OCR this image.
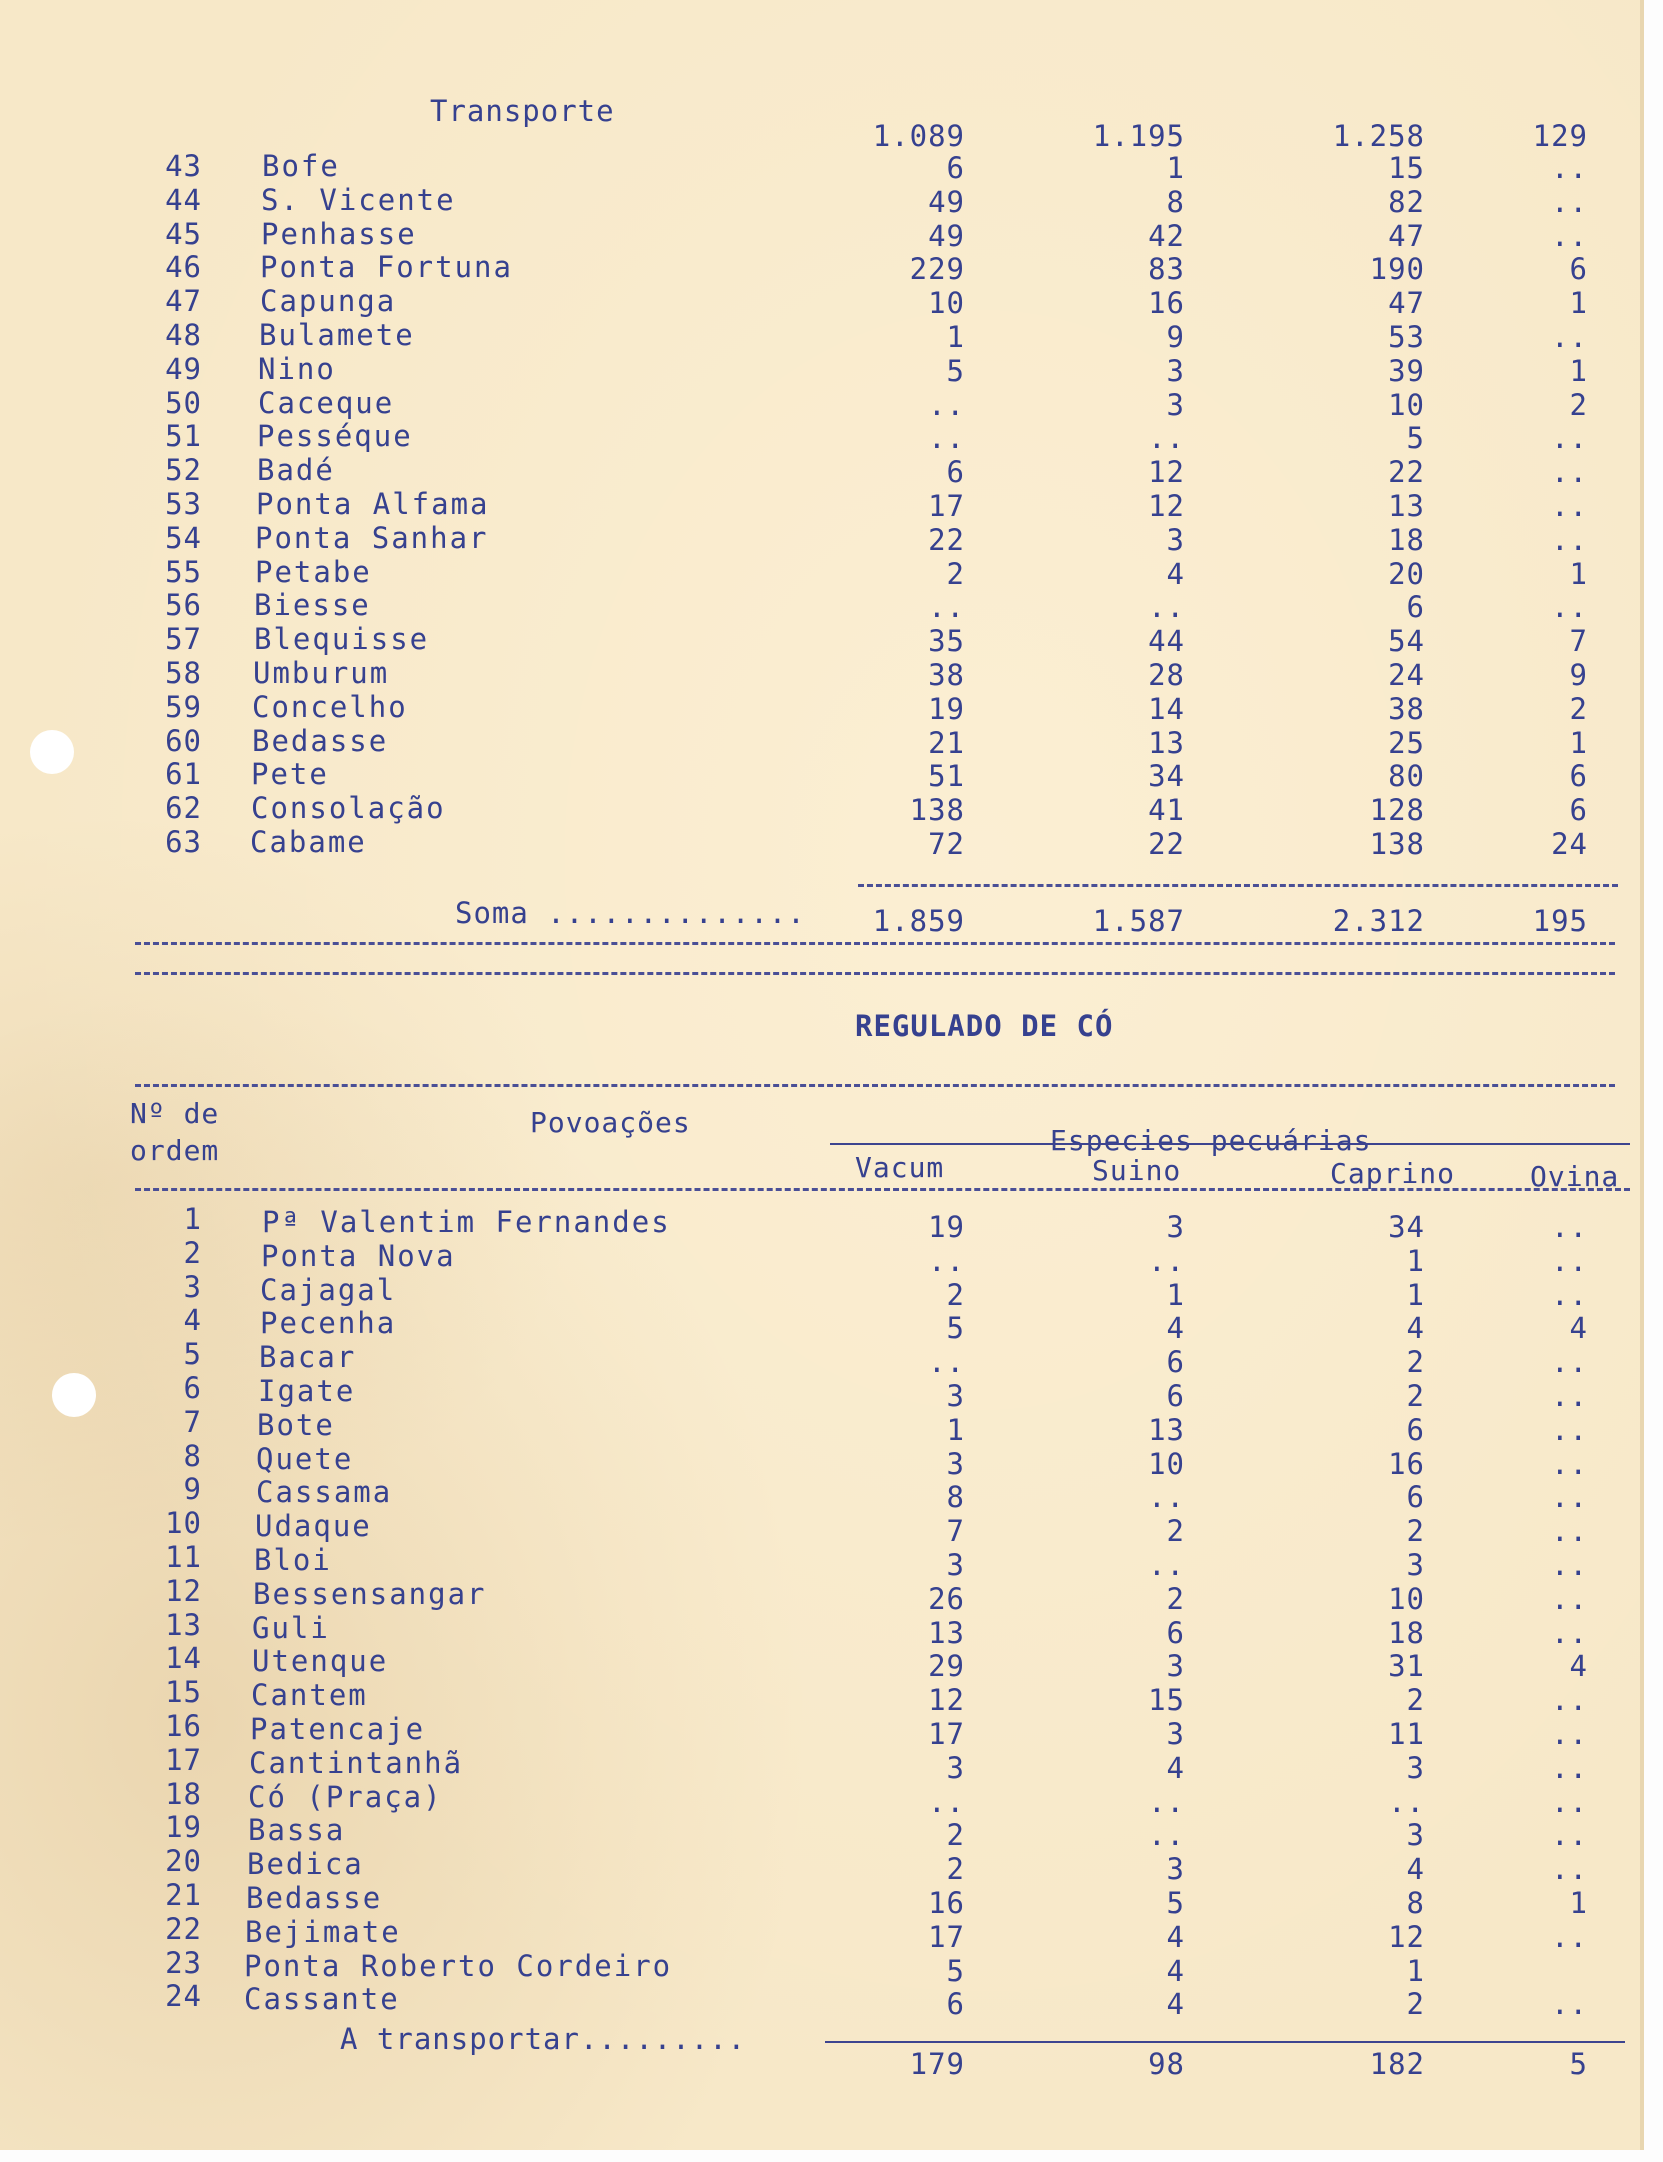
Transporte
1.089	1.195	1.258	129
43 Bofe	6	1	15	..
44 S. Vicente	49	8	82	..
45 Penhasse	49	42	47	..
46 Ponta Fortuna	229	83	190	6
47 Capunga	10	16	47	1
48 Bulamete	1	9	53	..
49 Nino	5	3	39	1
50 Caceque	..	3	10	2
51 Pesséque	..	..	5	..
52 Badé	6	12	22	..
53 Ponta Alfama	17	12	13	..
54 Ponta Sanhar	22	3	18	..
55 Petabe	2	4	20	1
56 Biesse	..	..	6	..
57 Blequisse	35	44	54	7
58 Umburum	38	28	24	9
59 Concelho	19	14	38	2
60 Bedasse	21	13	25	1
61 Pete	51	34	80	6
62 Consolação	138	41	128	6
63 Cabame	72	22	138	24
Soma ..............	1.859	1.587	2.312	195
REGULADO DE CÓ
Nº de
ordem
Povoações
Especies pecuárias
Vacum	Suino	Caprino	Ovina
1 Pª Valentim Fernandes	19	3	34	..
2 Ponta Nova	..	..	1	..
3 Cajagal	2	1	1	..
4 Pecenha	5	4	4	4
5 Bacar	..	6	2	..
6 Igate	3	6	2	..
7 Bote	1	13	6	..
8 Quete	3	10	16	..
9 Cassama	8	..	6	..
10 Udaque	7	2	2	..
11 Bloi	3	..	3	..
12 Bessensangar	26	2	10	..
13 Guli	13	6	18	..
14 Utenque	29	3	31	4
15 Cantem	12	15	2	..
16 Patencaje	17	3	11	..
17 Cantintanhã	3	4	3	..
18 Có (Praça)	..	..	..	..
19 Bassa	2	..	3	..
20 Bedica	2	3	4	..
21 Bedasse	16	5	8	1
22 Bejimate	17	4	12	..
23 Ponta Roberto Cordeiro	5	4	1
24 Cassante	6	4	2	..
A transportar.........
179	98	182	5
